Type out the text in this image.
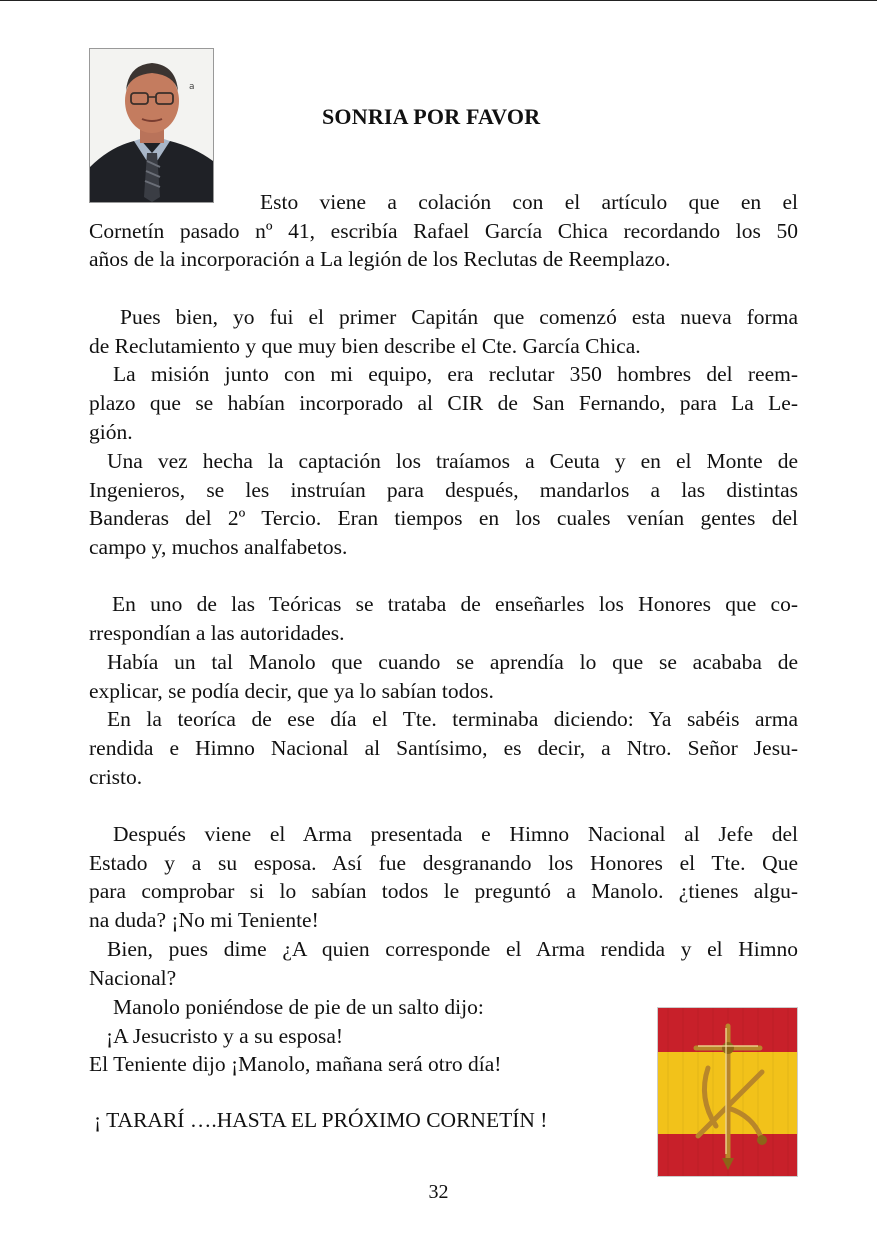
a
SONRIA POR FAVOR
Esto viene a colación con el artículo que en el
Cornetín pasado nº 41, escribía Rafael García Chica recordando los 50
años de la incorporación a La legión de los Reclutas de Reemplazo.
Pues bien, yo fui el primer Capitán que comenzó esta nueva forma
de Reclutamiento y que muy bien describe el Cte. García Chica.
La misión junto con mi equipo, era reclutar 350 hombres del reem-
plazo que se habían incorporado al CIR de San Fernando, para La Le-
gión.
Una vez hecha la captación los traíamos a Ceuta y en el Monte de
Ingenieros, se les instruían para después, mandarlos a las distintas
Banderas del 2º Tercio. Eran tiempos en los cuales venían gentes del
campo y, muchos analfabetos.
En uno de las Teóricas se trataba de enseñarles los Honores que co-
rrespondían a las autoridades.
Había un tal Manolo que cuando se aprendía lo que se acababa de
explicar, se podía decir, que ya lo sabían todos.
En la teoríca de ese día el Tte. terminaba diciendo: Ya sabéis arma
rendida e Himno Nacional al Santísimo, es decir, a Ntro. Señor Jesu-
cristo.
Después viene el Arma presentada e Himno Nacional al Jefe del
Estado y a su esposa. Así fue desgranando los Honores el Tte. Que
para comprobar si lo sabían todos le preguntó a Manolo. ¿tienes algu-
na duda? ¡No mi Teniente!
Bien, pues dime ¿A quien corresponde el Arma rendida y el Himno
Nacional?
Manolo poniéndose de pie de un salto dijo:
¡A Jesucristo y a su esposa!
El Teniente dijo ¡Manolo, mañana será otro día!
¡ TARARÍ ….HASTA EL PRÓXIMO CORNETÍN !
32
